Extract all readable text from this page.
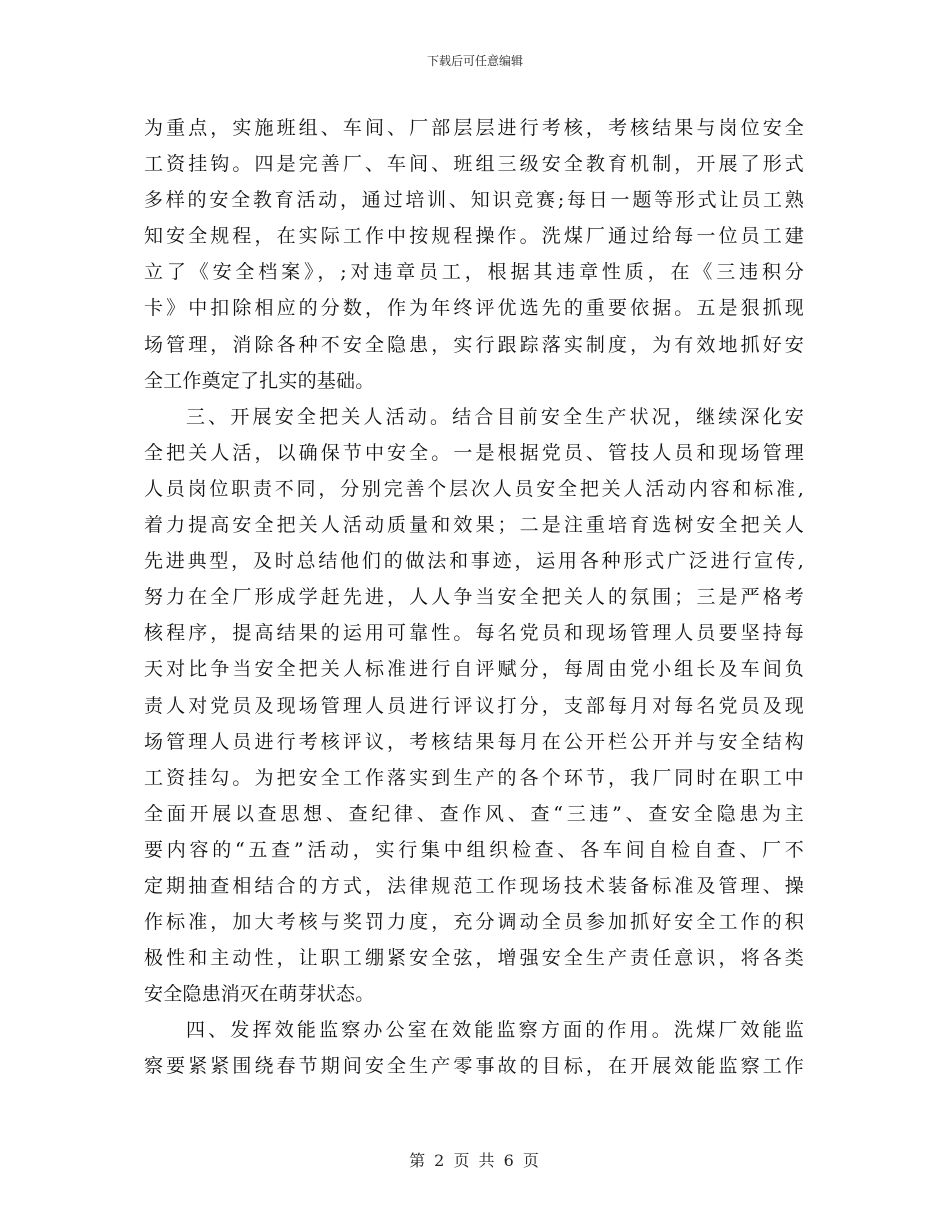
下载后可任意编辑
为重点，实施班组、车间、厂部层层进行考核，考核结果与岗位安全
工资挂钩。四是完善厂、车间、班组三级安全教育机制，开展了形式
多样的安全教育活动，通过培训、知识竞赛;每日一题等形式让员工熟
知安全规程，在实际工作中按规程操作。洗煤厂通过给每一位员工建
立了《安全档案》，;对违章员工，根据其违章性质，在《三违积分
卡》中扣除相应的分数，作为年终评优选先的重要依据。五是狠抓现
场管理，消除各种不安全隐患，实行跟踪落实制度，为有效地抓好安
全工作奠定了扎实的基础。
三、开展安全把关人活动。结合目前安全生产状况，继续深化安
全把关人活，以确保节中安全。一是根据党员、管技人员和现场管理
人员岗位职责不同，分别完善个层次人员安全把关人活动内容和标准,
着力提高安全把关人活动质量和效果；二是注重培育选树安全把关人
先进典型，及时总结他们的做法和事迹，运用各种形式广泛进行宣传,
努力在全厂形成学赶先进，人人争当安全把关人的氛围；三是严格考
核程序，提高结果的运用可靠性。每名党员和现场管理人员要坚持每
天对比争当安全把关人标准进行自评赋分，每周由党小组长及车间负
责人对党员及现场管理人员进行评议打分，支部每月对每名党员及现
场管理人员进行考核评议，考核结果每月在公开栏公开并与安全结构
工资挂勾。为把安全工作落实到生产的各个环节，我厂同时在职工中
全面开展以查思想、查纪律、查作风、查“三违”、查安全隐患为主
要内容的“五查”活动，实行集中组织检查、各车间自检自查、厂不
定期抽查相结合的方式，法律规范工作现场技术装备标准及管理、操
作标准，加大考核与奖罚力度，充分调动全员参加抓好安全工作的积
极性和主动性，让职工绷紧安全弦，增强安全生产责任意识，将各类
安全隐患消灭在萌芽状态。
四、发挥效能监察办公室在效能监察方面的作用。洗煤厂效能监
察要紧紧围绕春节期间安全生产零事故的目标，在开展效能监察工作
第 2 页 共 6 页
